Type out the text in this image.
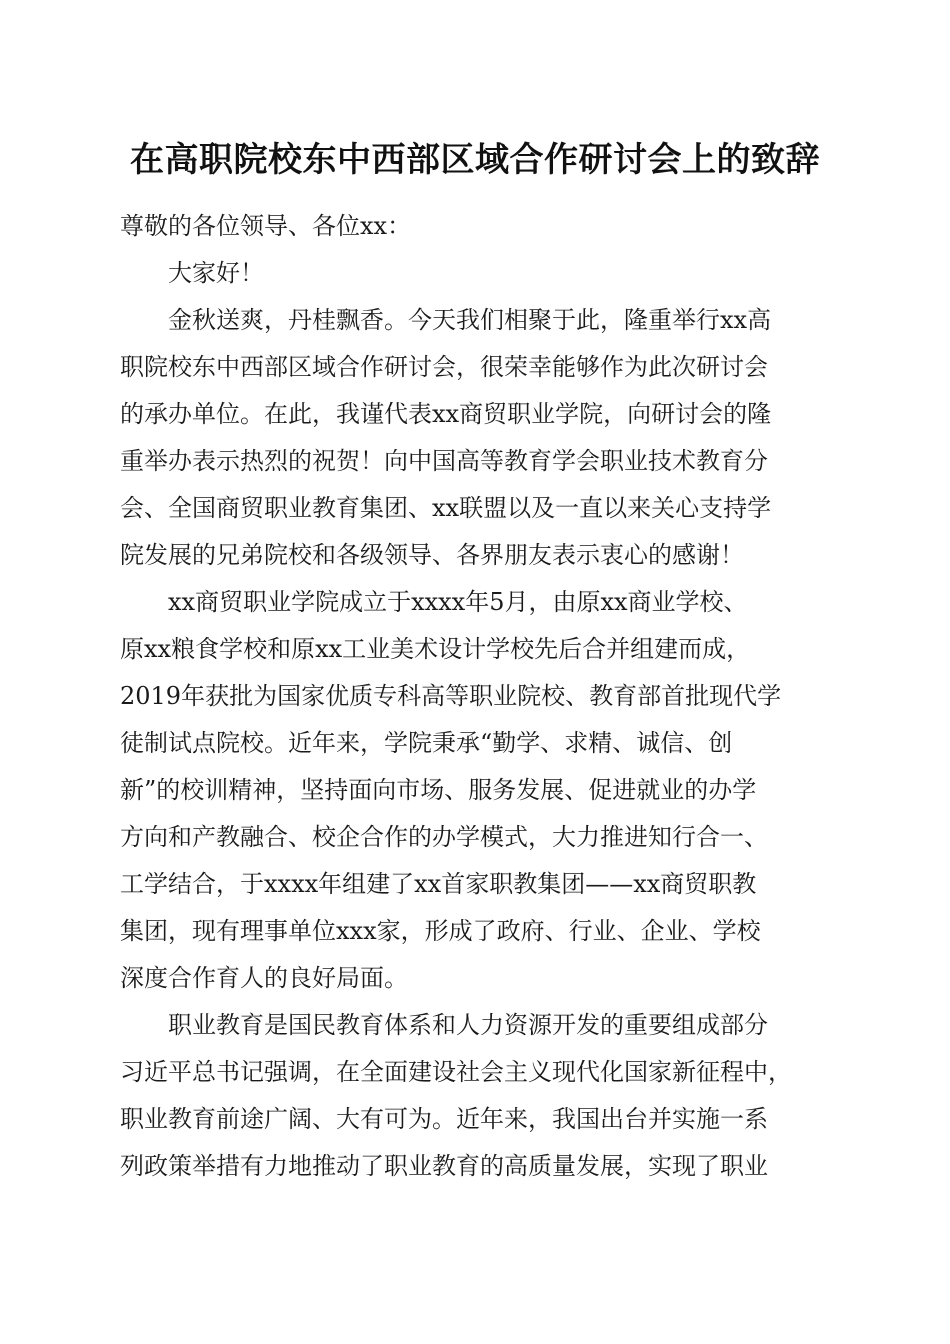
在高职院校东中西部区域合作研讨会上的致辞
尊敬的各位领导、各位xx：
大家好！
金秋送爽，丹桂飘香。今天我们相聚于此，隆重举行xx高
职院校东中西部区域合作研讨会，很荣幸能够作为此次研讨会
的承办单位。在此，我谨代表xx商贸职业学院，向研讨会的隆
重举办表示热烈的祝贺！向中国高等教育学会职业技术教育分
会、全国商贸职业教育集团、xx联盟以及一直以来关心支持学
院发展的兄弟院校和各级领导、各界朋友表示衷心的感谢！
xx商贸职业学院成立于xxxx年5月，由原xx商业学校、
原xx粮食学校和原xx工业美术设计学校先后合并组建而成，
2019年获批为国家优质专科高等职业院校、教育部首批现代学
徒制试点院校。近年来，学院秉承“勤学、求精、诚信、创
新”的校训精神，坚持面向市场、服务发展、促进就业的办学
方向和产教融合、校企合作的办学模式，大力推进知行合一、
工学结合，于xxxx年组建了xx首家职教集团——xx商贸职教
集团，现有理事单位xxx家，形成了政府、行业、企业、学校
深度合作育人的良好局面。
职业教育是国民教育体系和人力资源开发的重要组成部分
习近平总书记强调，在全面建设社会主义现代化国家新征程中，
职业教育前途广阔、大有可为。近年来，我国出台并实施一系
列政策举措有力地推动了职业教育的高质量发展，实现了职业
